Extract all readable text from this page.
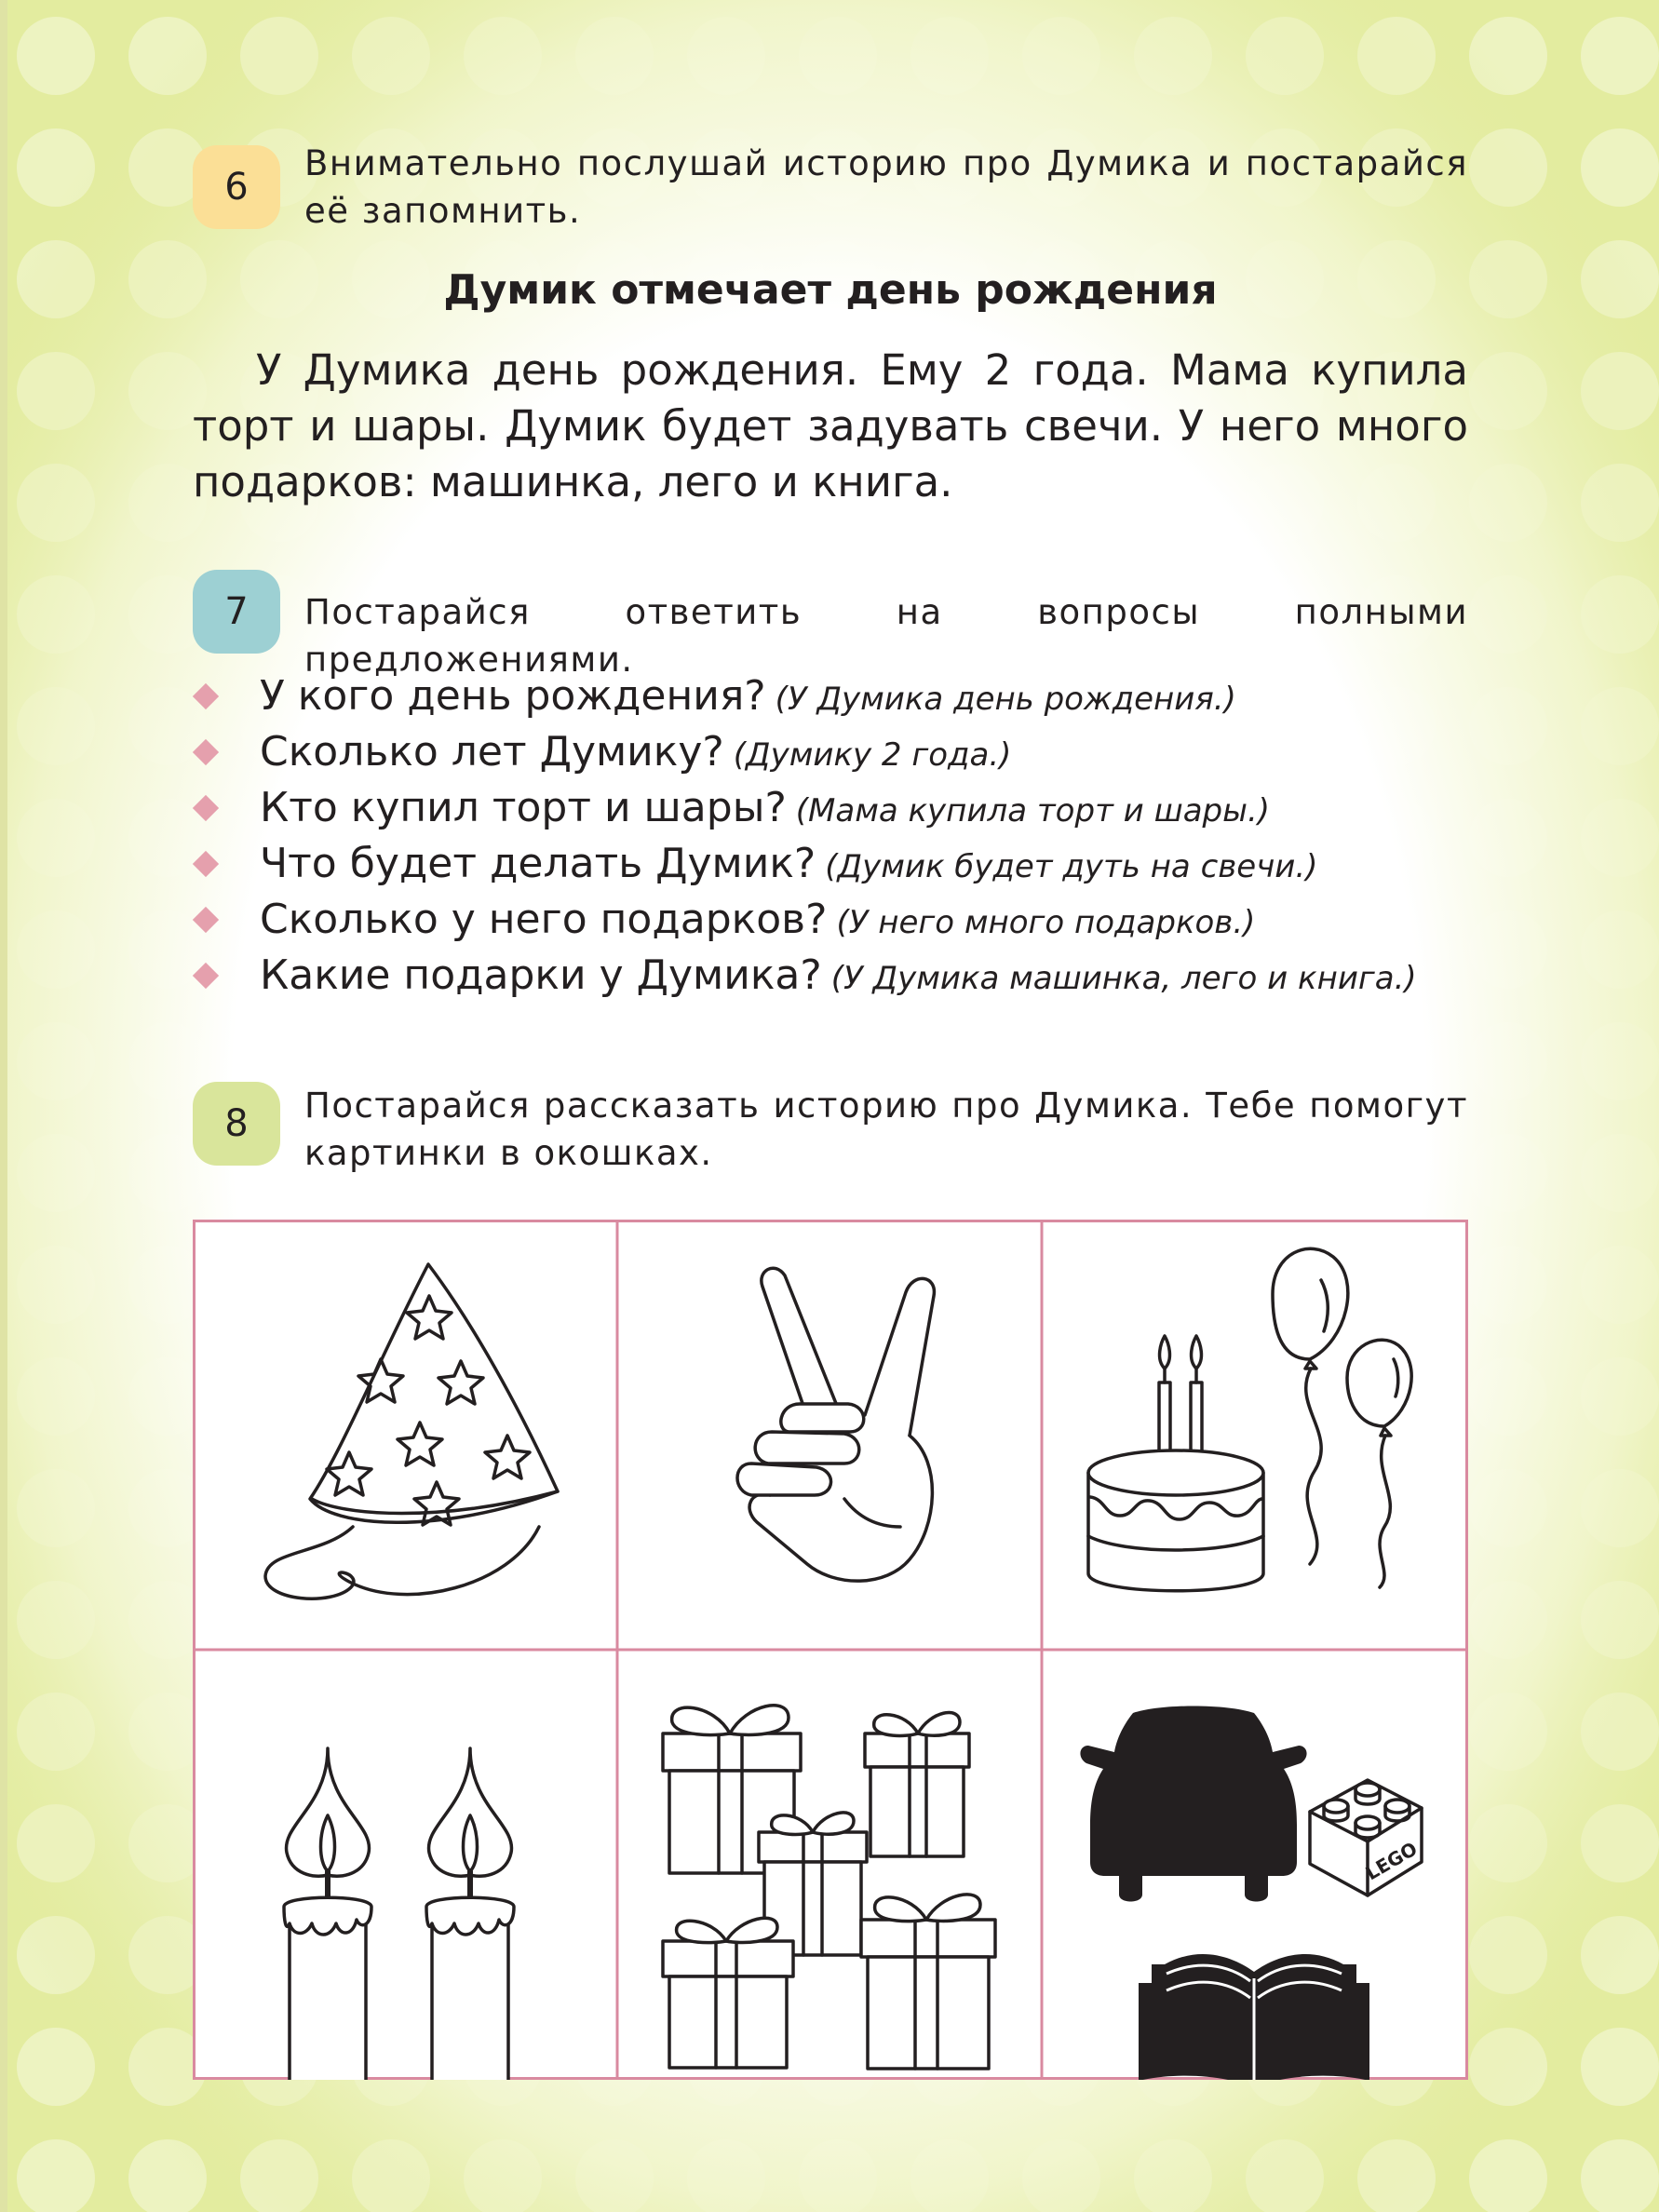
6
Внимательно послушай историю про Думика и постарайся её запомнить.
Думик отмечает день рождения
У Думика день рождения. Ему 2 года. Мама купила торт и шары. Думик будет задувать свечи. У него много подарков: машинка, лего и книга.
7 Постарайся ответить на вопросы полными предложениями.
У кого день рождения? (У Думика день рождения.)
Сколько лет Думику? (Думику 2 года.)
Кто купил торт и шары? (Мама купила торт и шары.)
Что будет делать Думик? (Думик будет дуть на свечи.)
Сколько у него подарков? (У него много подарков.)
Какие подарки у Думика? (У Думика машинка, лего и книга.)
8 Постарайся рассказать историю про Думика. Тебе помогут картинки в окошках.
LEGO
